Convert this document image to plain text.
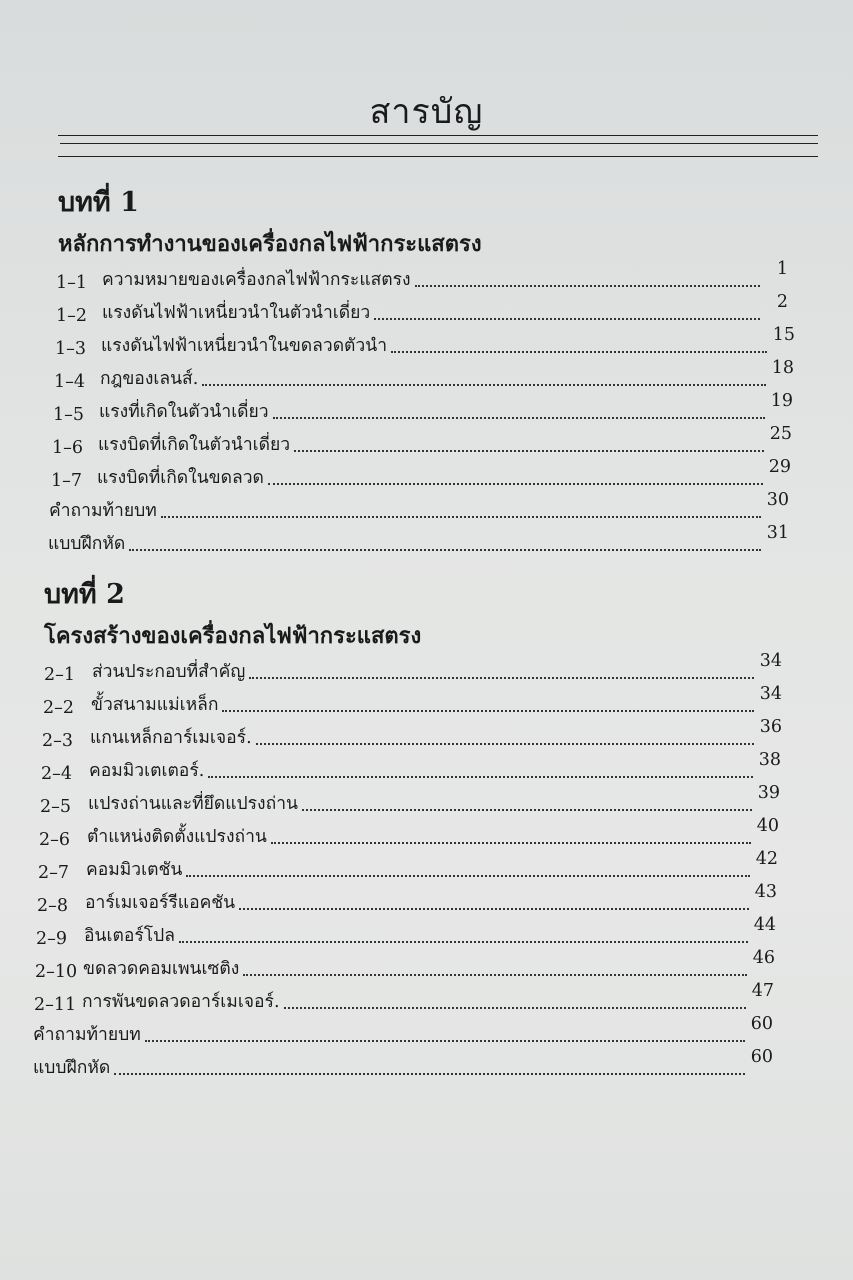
สารบัญ
บทที่ 1
หลักการทำงานของเครื่องกลไฟฟ้ากระแสตรง
1–1 ความหมายของเครื่องกลไฟฟ้ากระแสตรง
1
1–2 แรงดันไฟฟ้าเหนี่ยวนำในตัวนำเดี่ยว
2
1–3 แรงดันไฟฟ้าเหนี่ยวนำในขดลวดตัวนำ
15
1–4 กฎของเลนส์.
18
1–5 แรงที่เกิดในตัวนำเดี่ยว
19
1–6 แรงบิดที่เกิดในตัวนำเดี่ยว
25
1–7 แรงบิดที่เกิดในขดลวด
29
คำถามท้ายบท
30
แบบฝึกหัด
31
บทที่ 2
โครงสร้างของเครื่องกลไฟฟ้ากระแสตรง
2–1 ส่วนประกอบที่สำคัญ
34
2–2 ขั้วสนามแม่เหล็ก
34
2–3 แกนเหล็กอาร์เมเจอร์.
36
2–4 คอมมิวเตเตอร์.
38
2–5 แปรงถ่านและที่ยึดแปรงถ่าน
39
2–6 ตำแหน่งติดตั้งแปรงถ่าน
40
2–7 คอมมิวเตชัน
42
2–8 อาร์เมเจอร์รีแอคชัน
43
2–9 อินเตอร์โปล
44
2–10 ขดลวดคอมเพนเซติง
46
2–11 การพันขดลวดอาร์เมเจอร์.
47
คำถามท้ายบท
60
แบบฝึกหัด
60
